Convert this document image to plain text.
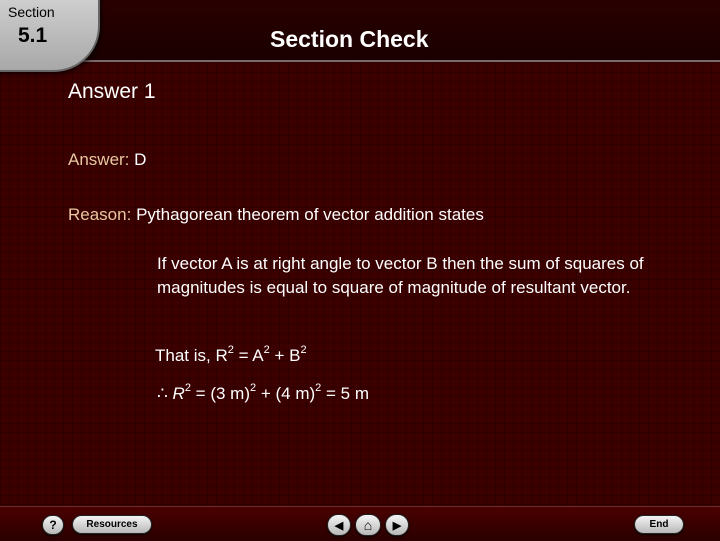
Section
5.1	Section Check
Answer 1
Answer: D
Reason: Pythagorean theorem of vector addition states
If vector A is at right angle to vector B then the sum of squares of magnitudes is equal to square of magnitude of resultant vector.
That is, $R^2 = A^2 + B^2$
∴ $R^2 = (3$ m)$^2$ + (4 m)$^2$ = 5 m
?	Resources	◀ ⌂ ▶	End
